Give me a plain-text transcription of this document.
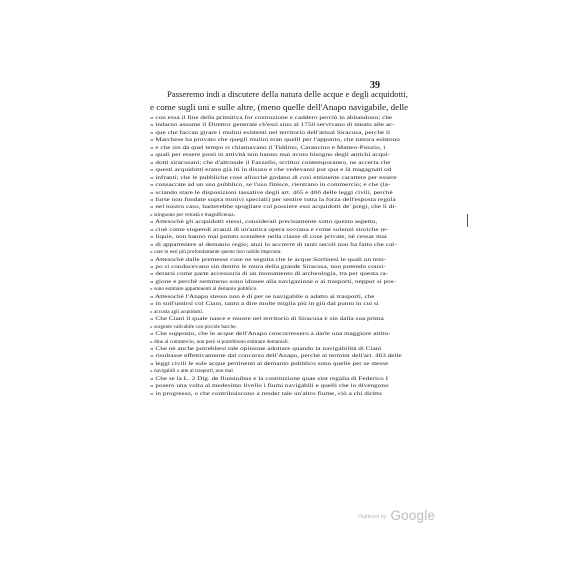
39
Passeremo indi a discutere della natura delle acque e degli acquidotti,
e come sugli uni e sulle altre, (meno quelle dell'Anapo navigabile, delle
» con essa il fine della primitiva for costruzione e caddero perciò in abbandono; che
» indarno assume il Direttor generale ch'essi sino al 1750 servivano di meato alle ac-
» que che faccan girare i mulini esistenti nel territorio dell'attual Siracusa, perchè il
» Marchese ha provato che quegli mulini eran quelli per l'appunto, che tuttora esistono
» e che sin da quel tempo si chiamavano il Tiddino, Carancino e Matteo-Ponzio, i
» quali per essere posti in attività non hanno mai avuto bisogno degli antichi acqui-
» dotti siracusani; che d'altronde il Fazzello, scrittor contemporaneo, ne accerta che
» questi acquidotti erano già iti in disuso e che vedevansi pur qua e là magagnati od
» infranti; che le pubbliche cose allorchè godano di così eminente carattere per essere
» consacrate ad un uso pubblico, se l'uso finisce, rientrano in commercio; e che (la-
» sciando stare le disposizioni tassative degli art. 465 e 466 delle leggi civili, perchè
» forse non fondate sopra motivi speciali) per sentire tutta la forza dell'esposta regola
» nel nostro caso, basterebbe spogliare col possiere essi acquidotti de' pregi, che li di-
» stinguono per vetustà e magnificenza.
» Attesochè gli acquidotti stessi, considerati precisamente sotto questo aspetto,
» cioè come stupendi avanzi di un'antica opera sovrana e come solenni storiche re-
» liquie, non hanno mai potuto scendere nella classe di cose private, nè cessar mai
» di appartenere al demanio regio; anzi lo accrerre di tanti secoli non ha fatto che cal-
» care in essi più profondamente questo loro nobile impronta.
» Attesochè dalle premesse cose ne seguita che le acque Sortinesi le quali un tem-
» po si conducevano sin dentro le mura della grande Siracusa, non potendo consi-
» derarsi come parte accessoria di un monumento di archeologia, tra per questa ra-
» gione e perchè nemmeno sono idonee alla navigazione o ai trasporti, neppur si pos-
» sono estimare appartenenti al demanio pubblico.
» Attesochè l'Anapo stesso non è di per se navigabile o adatto ai trasporti, che
» in sull'umirsi col Ciani, tanto a dire molte miglia più in giù dal punto in cui si
» accosta agli acquidotti.
» Che Ciani il quale nasce e muore nel territorio di Siracusa è sin dalla sua prima
» sorgente valicabile con piccole barche.
» Che supposto, che le acque dell'Anapo concorressero a darle una maggiore attitu-
» dine al commercio, non però si potrebbono estimare demaniali.
» Che nè anche potrebbesi tale opinione adottare quando la navigabilità di Ciani
» risultasse effettivamente dal concorso dell'Anapo, perchè ai termini dell'art. 463 delle
» leggi civili le sole acque pertinenti al demanio pubblico sono quelle per se stesse
» navigabili o atte ai trasporti, non mai
» Che se la L. 2 Dig. de fluminibus e la costituzione quae sint regalia di Federico I
» posero una volta al medesimo livello i fiumi navigabili e quelli che lo divengono
» in progresso, o che contribuiscono a render tale un'altro fiume, ciò a chi diritto
Digitized by Google
